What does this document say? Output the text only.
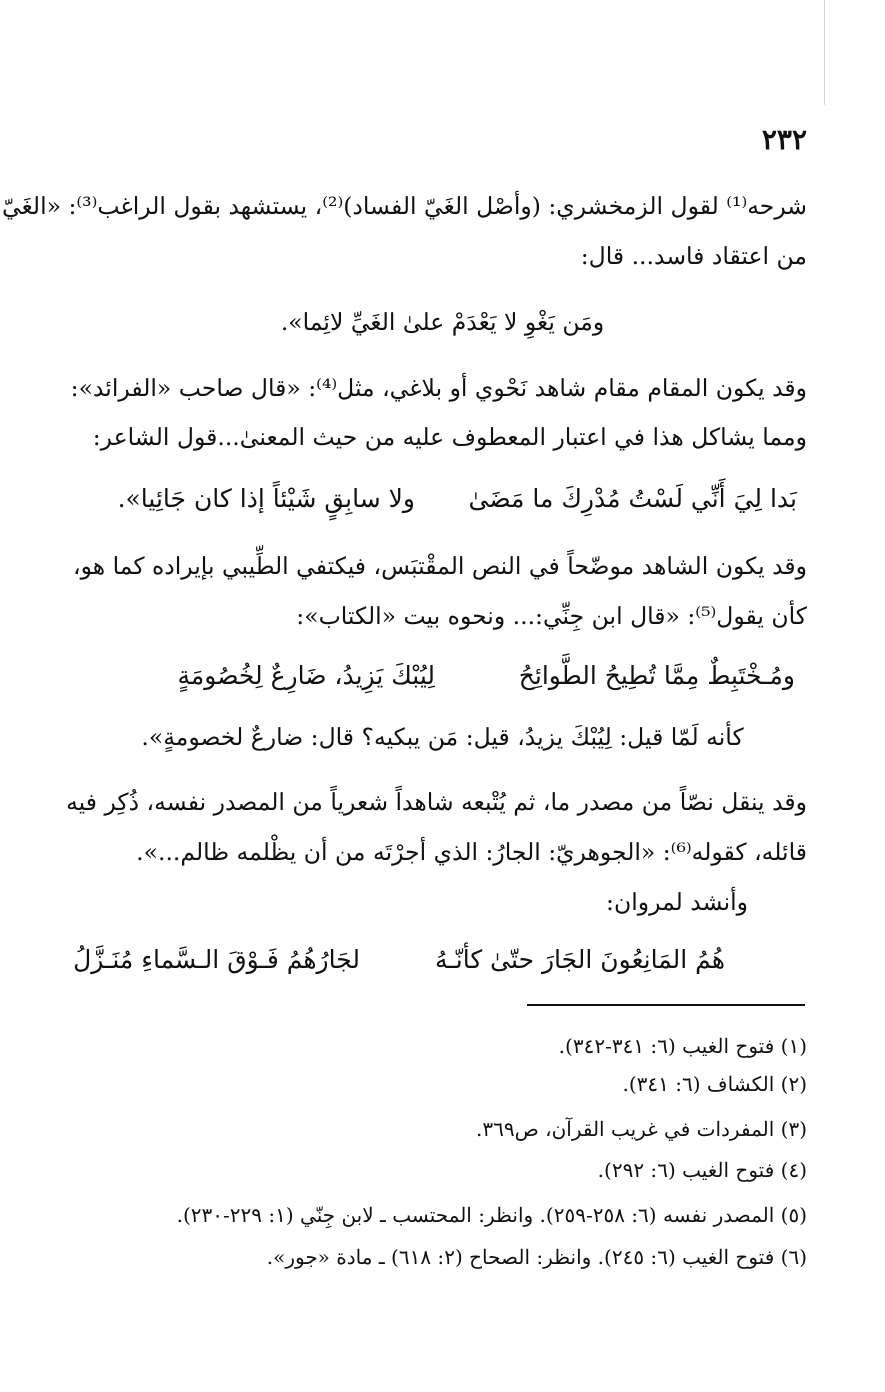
٢٣٢
شرحه⁽¹⁾ لقول الزمخشري: (وأصْل الغَيّ الفساد)⁽²⁾، يستشهد بقول الراغب⁽³⁾: «الغَيّ
من اعتقاد فاسد... قال:
ومَن يَغْوِ لا يَعْدَمْ علىٰ الغَيِّ لائِما».
وقد يكون المقام مقام شاهد نَحْوي أو بلاغي، مثل⁽⁴⁾: «قال صاحب «الفرائد»:
ومما يشاكل هذا في اعتبار المعطوف عليه من حيث المعنىٰ...قول الشاعر:
بَدا لِيَ أَنِّي لَسْتُ مُدْرِكَ ما مَضَىٰ
ولا سابِقٍ شَيْئاً إذا كان جَائِيا».
وقد يكون الشاهد موضّحاً في النص المقْتبَس، فيكتفي الطِّيبي بإيراده كما هو،
كأن يقول⁽⁵⁾: «قال ابن جِنِّي:... ونحوه بيت «الكتاب»:
لِيُبْكَ يَزِيدُ، ضَارِعٌ لِخُصُومَةٍ	ومُـخْتَبِطٌ مِمَّا تُطِيحُ الطَّوائِحُ
كأنه لَمّا قيل: لِيُبْكَ يزيدُ، قيل: مَن يبكيه؟ قال: ضارعٌ لخصومةٍ».
وقد ينقل نصّاً من مصدر ما، ثم يُتْبعه شاهداً شعرياً من المصدر نفسه، ذُكِر فيه
قائله، كقوله⁽⁶⁾: «الجوهريّ: الجارُ: الذي أجرْتَه من أن يظْلمه ظالم...».
وأنشد لمروان:
هُمُ المَانِعُونَ الجَارَ حتّىٰ كأنّـهُ
لجَارُهُمُ فَـوْقَ الـسَّماءِ مُنَـزَّلُ
(١) فتوح الغيب (٦: ٣٤١-٣٤٢).
(٢) الكشاف (٦: ٣٤١).
(٣) المفردات في غريب القرآن، ص٣٦٩.
(٤) فتوح الغيب (٦: ٢٩٢).
(٥) المصدر نفسه (٦: ٢٥٨-٢٥٩). وانظر: المحتسب ـ لابن جِنّي (١: ٢٢٩-٢٣٠).
(٦) فتوح الغيب (٦: ٢٤٥). وانظر: الصحاح (٢: ٦١٨) ـ مادة «جور».
